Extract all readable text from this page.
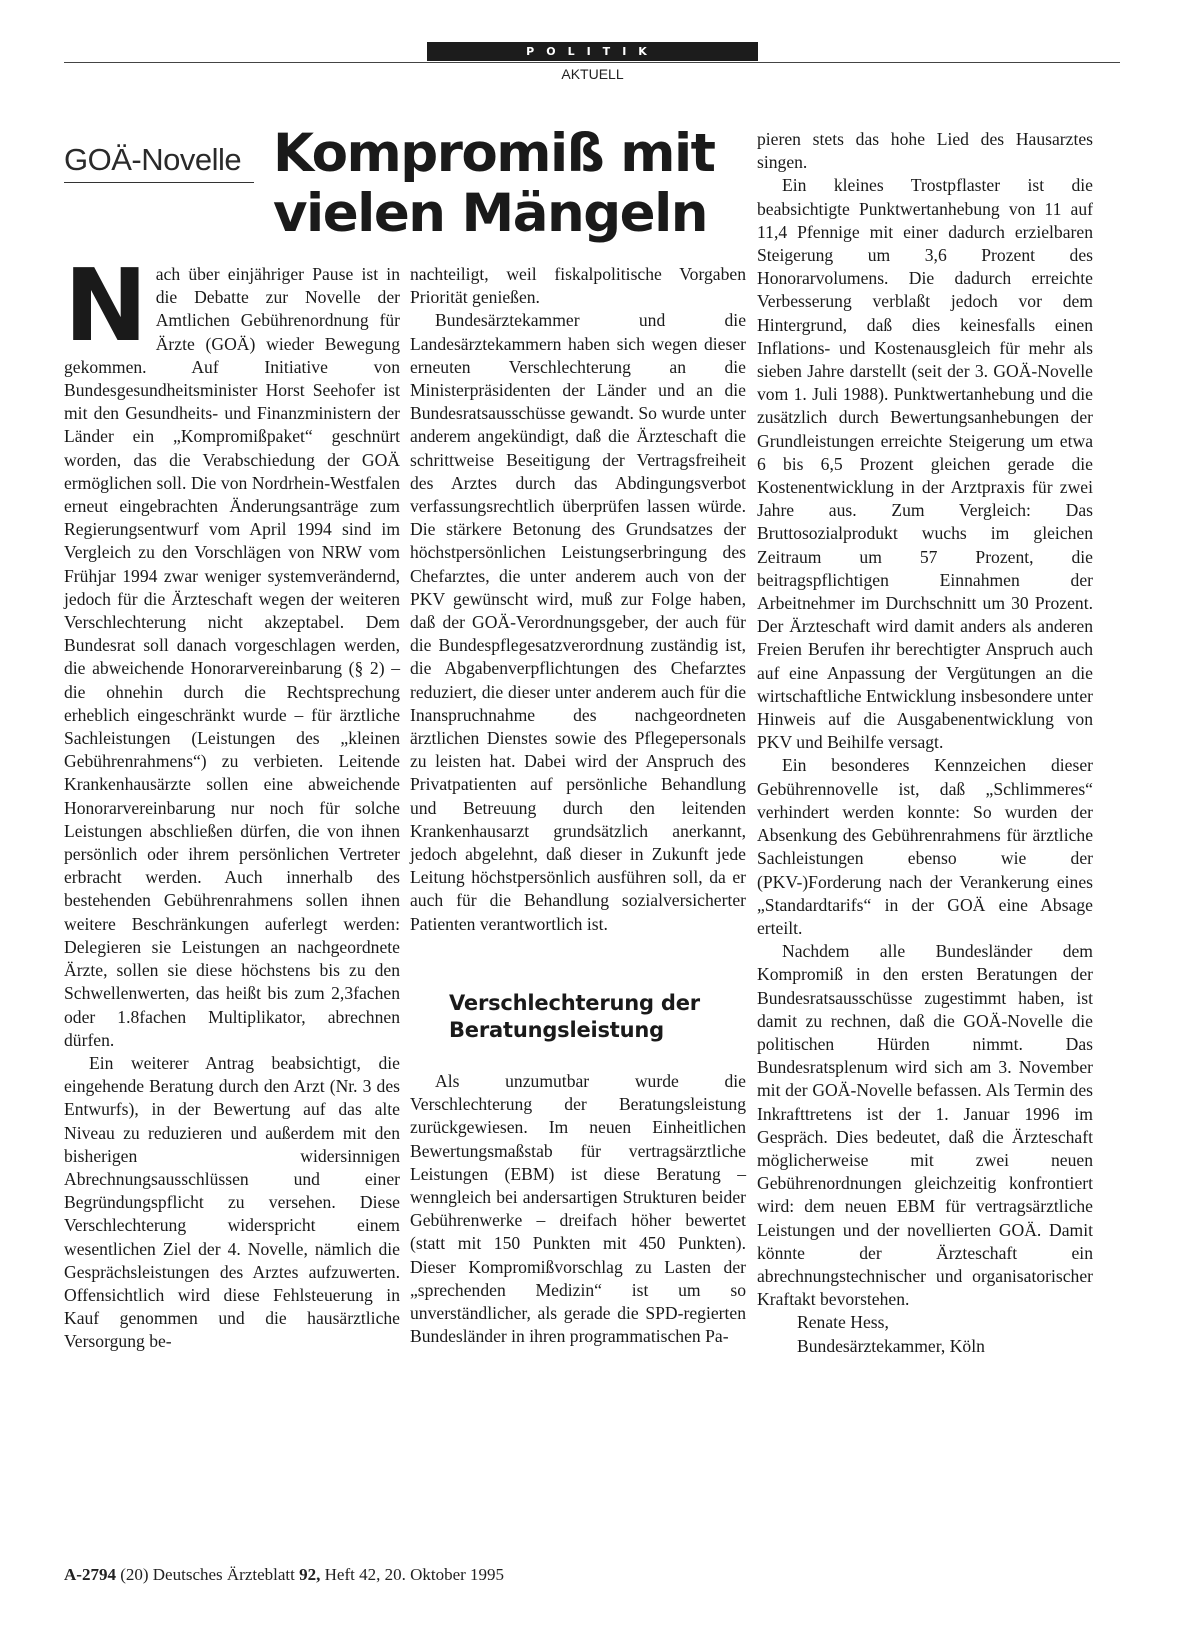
POLITIK
AKTUELL
GOÄ-Novelle Kompromiß mit vielen Mängeln
N ach über einjähriger Pause ist in die Debatte zur Novelle der Amtlichen Gebührenordnung für Ärzte (GOÄ) wieder Bewegung gekommen. Auf Initiative von Bundesgesundheitsminister Horst Seehofer ist mit den Gesundheits- und Finanzministern der Länder ein „Kompromißpaket“ geschnürt worden, das die Verabschiedung der GOÄ ermöglichen soll. Die von Nordrhein-Westfalen erneut eingebrachten Änderungsanträge zum Regierungsentwurf vom April 1994 sind im Vergleich zu den Vorschlägen von NRW vom Frühjar 1994 zwar weniger systemverändernd, jedoch für die Ärzteschaft wegen der weiteren Verschlechterung nicht akzeptabel. Dem Bundesrat soll danach vorgeschlagen werden, die abweichende Honorarvereinbarung (§ 2) – die ohnehin durch die Rechtsprechung erheblich eingeschränkt wurde – für ärztliche Sachleistungen (Leistungen des „kleinen Gebührenrahmens“) zu verbieten. Leitende Krankenhausärzte sollen eine abweichende Honorarvereinbarung nur noch für solche Leistungen abschließen dürfen, die von ihnen persönlich oder ihrem persönlichen Vertreter erbracht werden. Auch innerhalb des bestehenden Gebührenrahmens sollen ihnen weitere Beschränkungen auferlegt werden: Delegieren sie Leistungen an nachgeordnete Ärzte, sollen sie diese höchstens bis zu den Schwellenwerten, das heißt bis zum 2,3fachen oder 1.8fachen Multiplikator, abrechnen dürfen.

Ein weiterer Antrag beabsichtigt, die eingehende Beratung durch den Arzt (Nr. 3 des Entwurfs), in der Bewertung auf das alte Niveau zu reduzieren und außerdem mit den bisherigen widersinnigen Abrechnungsausschlüssen und einer Begründungspflicht zu versehen. Diese Verschlechterung widerspricht einem wesentlichen Ziel der 4. Novelle, nämlich die Gesprächsleistungen des Arztes aufzuwerten. Offensichtlich wird diese Fehlsteuerung in Kauf genommen und die hausärztliche Versorgung be-

nachteiligt, weil fiskalpolitische Vorgaben Priorität genießen.

Bundesärztekammer und die Landesärztekammern haben sich wegen dieser erneuten Verschlechterung an die Ministerpräsidenten der Länder und an die Bundesratsausschüsse gewandt. So wurde unter anderem angekündigt, daß die Ärzteschaft die schrittweise Beseitigung der Vertragsfreiheit des Arztes durch das Abdingungsverbot verfassungsrechtlich überprüfen lassen würde. Die stärkere Betonung des Grundsatzes der höchstpersönlichen Leistungserbringung des Chefarztes, die unter anderem auch von der PKV gewünscht wird, muß zur Folge haben, daß der GOÄ-Verordnungsgeber, der auch für die Bundespflegesatzverordnung zuständig ist, die Abgabenverpflichtungen des Chefarztes reduziert, die dieser unter anderem auch für die Inanspruchnahme des nachgeordneten ärztlichen Dienstes sowie des Pflegepersonals zu leisten hat. Dabei wird der Anspruch des Privatpatienten auf persönliche Behandlung und Betreuung durch den leitenden Krankenhausarzt grundsätzlich anerkannt, jedoch abgelehnt, daß dieser in Zukunft jede Leitung höchstpersönlich ausführen soll, da er auch für die Behandlung sozialversicherter Patienten verantwortlich ist.

Verschlechterung der Beratungsleistung

Als unzumutbar wurde die Verschlechterung der Beratungsleistung zurückgewiesen. Im neuen Einheitlichen Bewertungsmaßstab für vertragsärztliche Leistungen (EBM) ist diese Beratung – wenngleich bei andersartigen Strukturen beider Gebührenwerke – dreifach höher bewertet (statt mit 150 Punkten mit 450 Punkten). Dieser Kompromißvorschlag zu Lasten der „sprechenden Medizin“ ist um so unverständlicher, als gerade die SPD-regierten Bundesländer in ihren programmatischen Pa-

pieren stets das hohe Lied des Hausarztes singen.

Ein kleines Trostpflaster ist die beabsichtigte Punktwertanhebung von 11 auf 11,4 Pfennige mit einer dadurch erzielbaren Steigerung um 3,6 Prozent des Honorarvolumens. Die dadurch erreichte Verbesserung verblaßt jedoch vor dem Hintergrund, daß dies keinesfalls einen Inflations- und Kostenausgleich für mehr als sieben Jahre darstellt (seit der 3. GOÄ-Novelle vom 1. Juli 1988). Punktwertanhebung und die zusätzlich durch Bewertungsanhebungen der Grundleistungen erreichte Steigerung um etwa 6 bis 6,5 Prozent gleichen gerade die Kostenentwicklung in der Arztpraxis für zwei Jahre aus. Zum Vergleich: Das Bruttosozialprodukt wuchs im gleichen Zeitraum um 57 Prozent, die beitragspflichtigen Einnahmen der Arbeitnehmer im Durchschnitt um 30 Prozent. Der Ärzteschaft wird damit anders als anderen Freien Berufen ihr berechtigter Anspruch auch auf eine Anpassung der Vergütungen an die wirtschaftliche Entwicklung insbesondere unter Hinweis auf die Ausgabenentwicklung von PKV und Beihilfe versagt.

Ein besonderes Kennzeichen dieser Gebührennovelle ist, daß „Schlimmeres“ verhindert werden konnte: So wurden der Absenkung des Gebührenrahmens für ärztliche Sachleistungen ebenso wie der (PKV-)Forderung nach der Verankerung eines „Standardtarifs“ in der GOÄ eine Absage erteilt.

Nachdem alle Bundesländer dem Kompromiß in den ersten Beratungen der Bundesratsausschüsse zugestimmt haben, ist damit zu rechnen, daß die GOÄ-Novelle die politischen Hürden nimmt. Das Bundesratsplenum wird sich am 3. November mit der GOÄ-Novelle befassen. Als Termin des Inkrafttretens ist der 1. Januar 1996 im Gespräch. Dies bedeutet, daß die Ärzteschaft möglicherweise mit zwei neuen Gebührenordnungen gleichzeitig konfrontiert wird: dem neuen EBM für vertragsärztliche Leistungen und der novellierten GOÄ. Damit könnte der Ärzteschaft ein abrechnungstechnischer und organisatorischer Kraftakt bevorstehen.

Renate Hess,

Bundesärztekammer, Köln

A-2794 (20) Deutsches Ärzteblatt 92, Heft 42, 20. Oktober 1995
